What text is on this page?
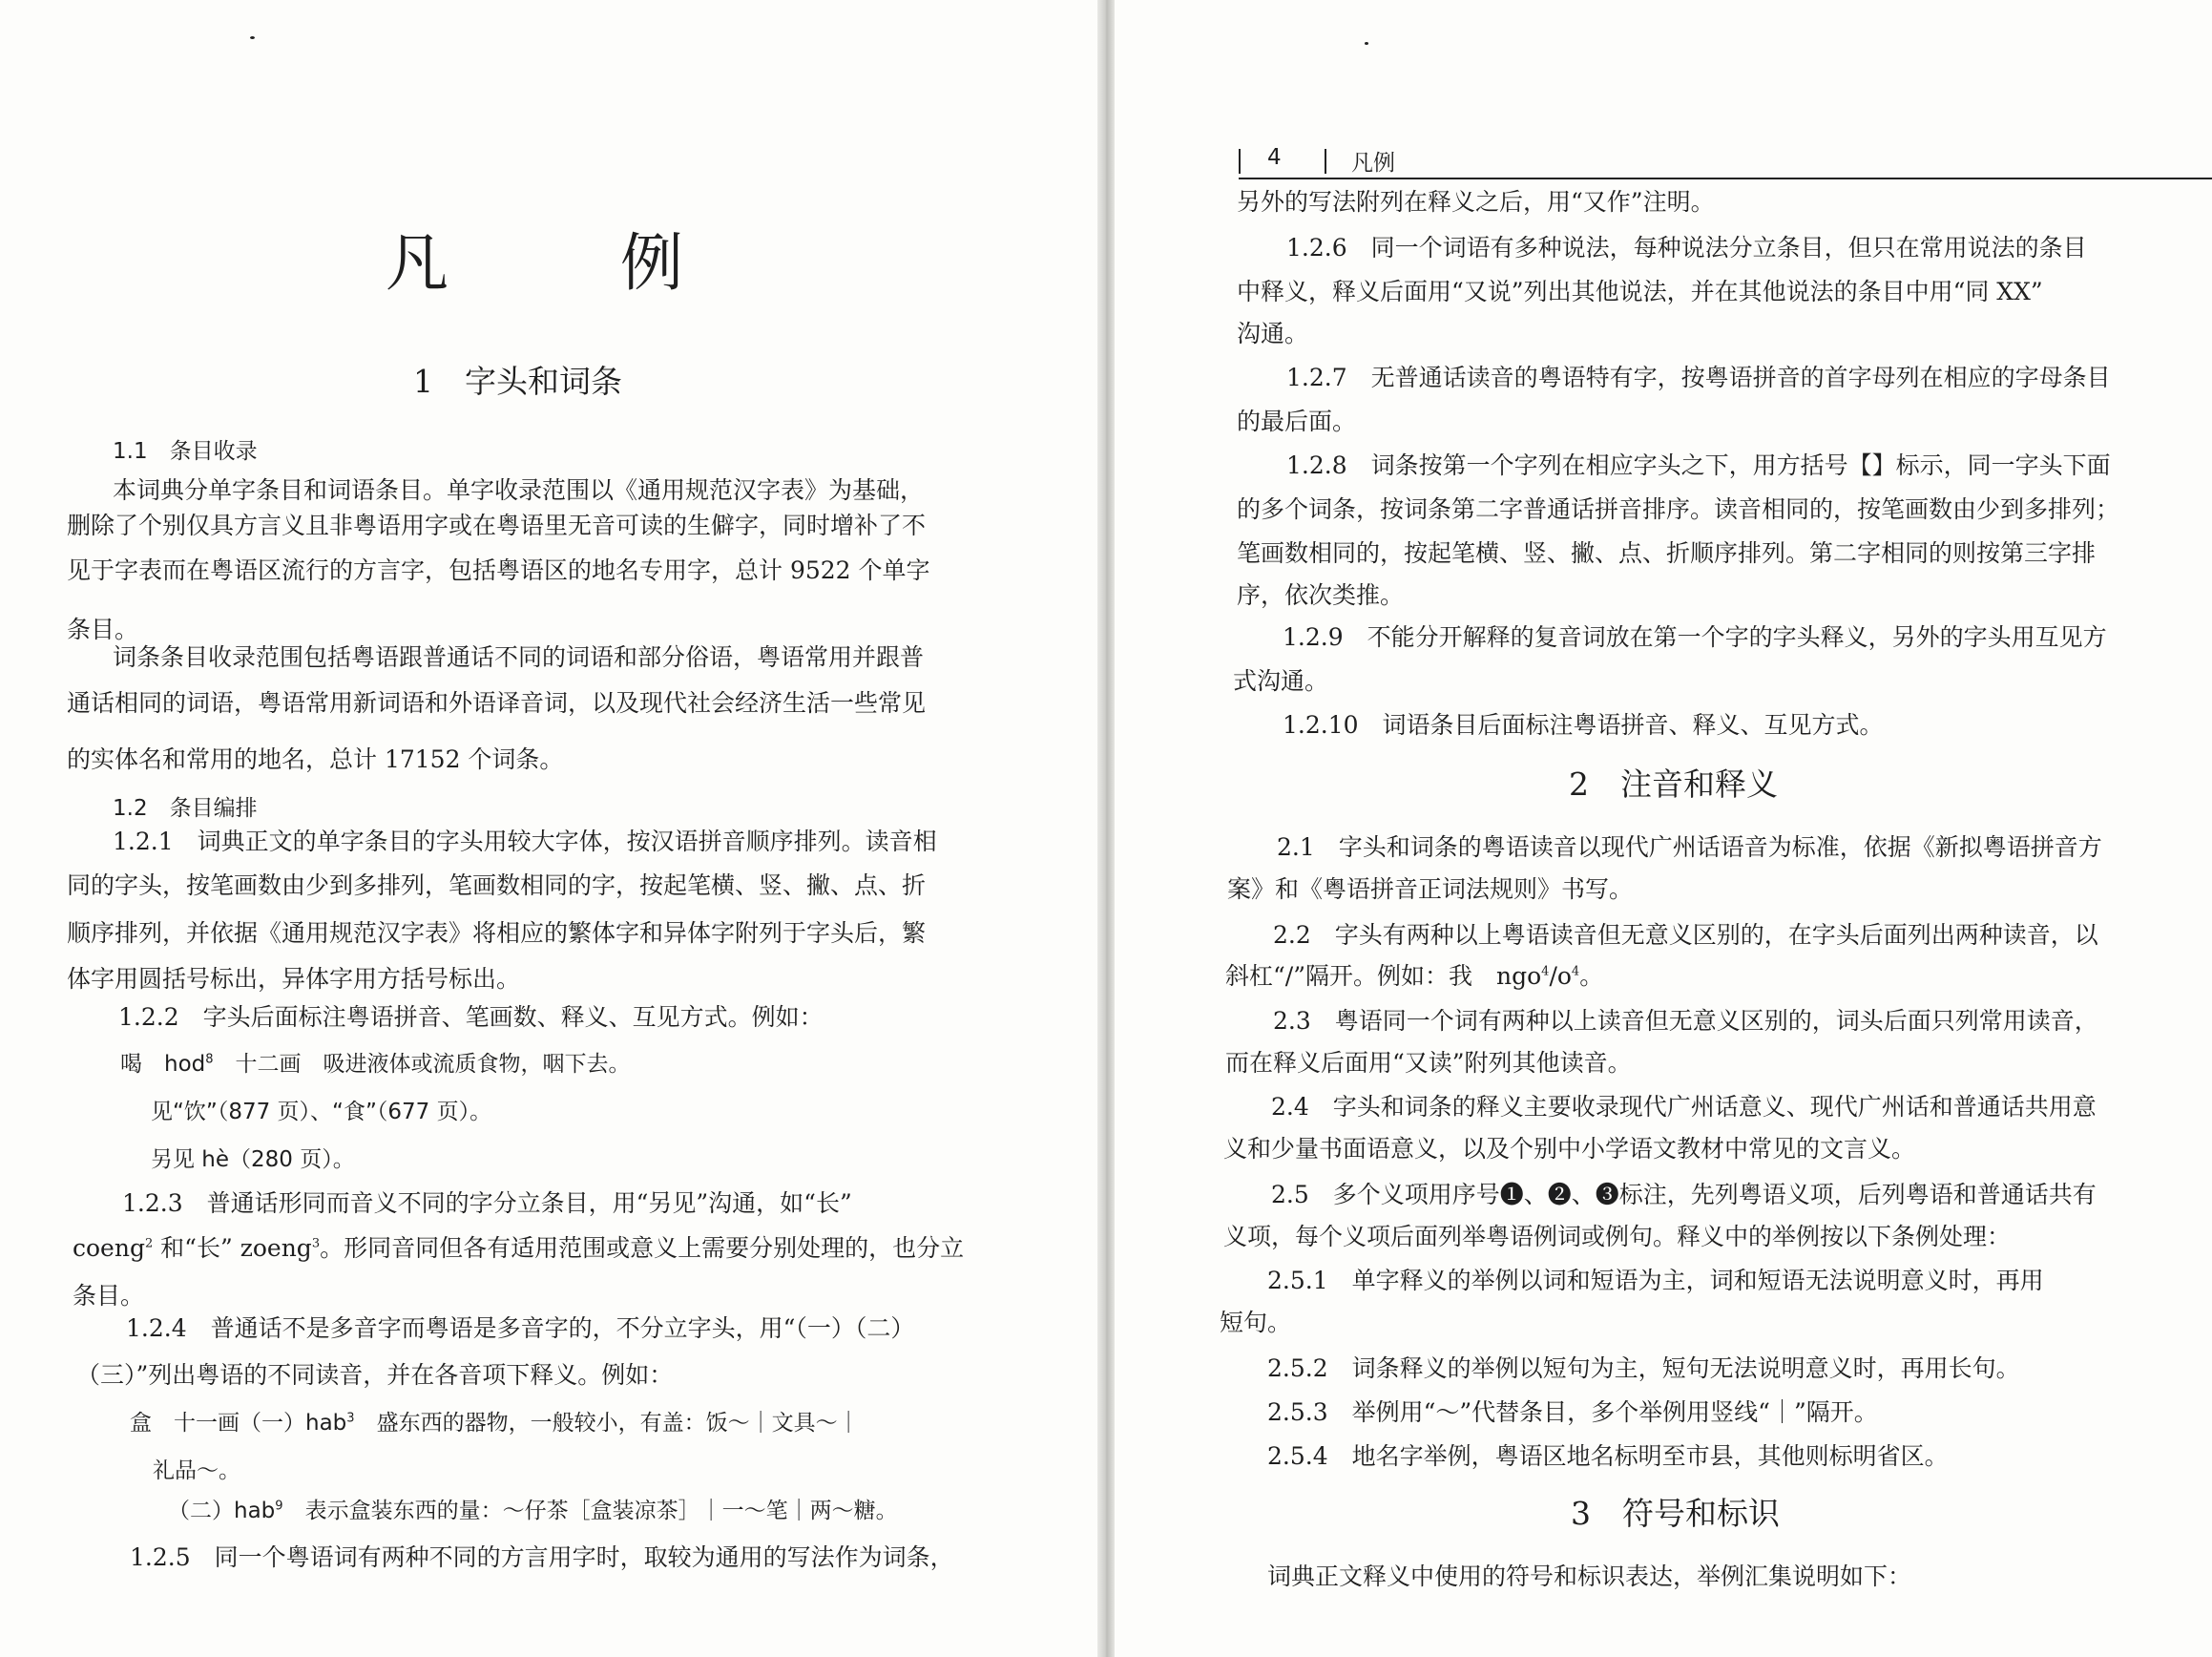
凡	例
1　字头和词条
1.1　条目收录
本词典分单字条目和词语条目。单字收录范围以《通用规范汉字表》为基础，
删除了个别仅具方言义且非粤语用字或在粤语里无音可读的生僻字，同时增补了不
见于字表而在粤语区流行的方言字，包括粤语区的地名专用字，总计 9522 个单字
条目。
词条条目收录范围包括粤语跟普通话不同的词语和部分俗语，粤语常用并跟普
通话相同的词语，粤语常用新词语和外语译音词，以及现代社会经济生活一些常见
的实体名和常用的地名，总计 17152 个词条。
1.2　条目编排
1.2.1　词典正文的单字条目的字头用较大字体，按汉语拼音顺序排列。读音相
同的字头，按笔画数由少到多排列，笔画数相同的字，按起笔横、竖、撇、点、折
顺序排列，并依据《通用规范汉字表》将相应的繁体字和异体字附列于字头后，繁
体字用圆括号标出，异体字用方括号标出。
1.2.2　字头后面标注粤语拼音、笔画数、释义、互见方式。例如：
喝　hod$^8$　十二画　吸进液体或流质食物，咽下去。
见“饮”（877 页）、“食”（677 页）。
另见 hè（280 页）。
1.2.3　普通话形同而音义不同的字分立条目，用“另见”沟通，如“长”
coeng$^2$ 和“长” zoeng$^3$。形同音同但各有适用范围或意义上需要分别处理的，也分立
条目。
1.2.4　普通话不是多音字而粤语是多音字的，不分立字头，用“（一）（二）
（三）”列出粤语的不同读音，并在各音项下释义。例如：
盒　十一画（一）hab$^3$　盛东西的器物，一般较小，有盖：饭～｜文具～｜
礼品～。
（二）hab$^9$　表示盒装东西的量：～仔茶［盒装凉茶］｜一～笔｜两～糖。
1.2.5　同一个粤语词有两种不同的方言用字时，取较为通用的写法作为词条，
4	凡例
另外的写法附列在释义之后，用“又作”注明。
1.2.6　同一个词语有多种说法，每种说法分立条目，但只在常用说法的条目
中释义，释义后面用“又说”列出其他说法，并在其他说法的条目中用“同 XX”
沟通。
1.2.7　无普通话读音的粤语特有字，按粤语拼音的首字母列在相应的字母条目
的最后面。
1.2.8　词条按第一个字列在相应字头之下，用方括号【】标示，同一字头下面
的多个词条，按词条第二字普通话拼音排序。读音相同的，按笔画数由少到多排列；
笔画数相同的，按起笔横、竖、撇、点、折顺序排列。第二字相同的则按第三字排
序，依次类推。
1.2.9　不能分开解释的复音词放在第一个字的字头释义，另外的字头用互见方
式沟通。
1.2.10　词语条目后面标注粤语拼音、释义、互见方式。
2　注音和释义
2.1　字头和词条的粤语读音以现代广州话语音为标准，依据《新拟粤语拼音方
案》和《粤语拼音正词法规则》书写。
2.2　字头有两种以上粤语读音但无意义区别的，在字头后面列出两种读音，以
斜杠“/”隔开。例如：我　$ngo^4/o^4$。
2.3　粤语同一个词有两种以上读音但无意义区别的，词头后面只列常用读音，
而在释义后面用“又读”附列其他读音。
2.4　字头和词条的释义主要收录现代广州话意义、现代广州话和普通话共用意
义和少量书面语意义，以及个别中小学语文教材中常见的文言义。
2.5　多个义项用序号❶、❷、❸标注，先列粤语义项，后列粤语和普通话共有
义项，每个义项后面列举粤语例词或例句。释义中的举例按以下条例处理：
2.5.1　单字释义的举例以词和短语为主，词和短语无法说明意义时，再用
短句。
2.5.2　词条释义的举例以短句为主，短句无法说明意义时，再用长句。
2.5.3　举例用“～”代替条目，多个举例用竖线“｜”隔开。
2.5.4　地名字举例，粤语区地名标明至市县，其他则标明省区。
3　符号和标识
词典正文释义中使用的符号和标识表达，举例汇集说明如下：
